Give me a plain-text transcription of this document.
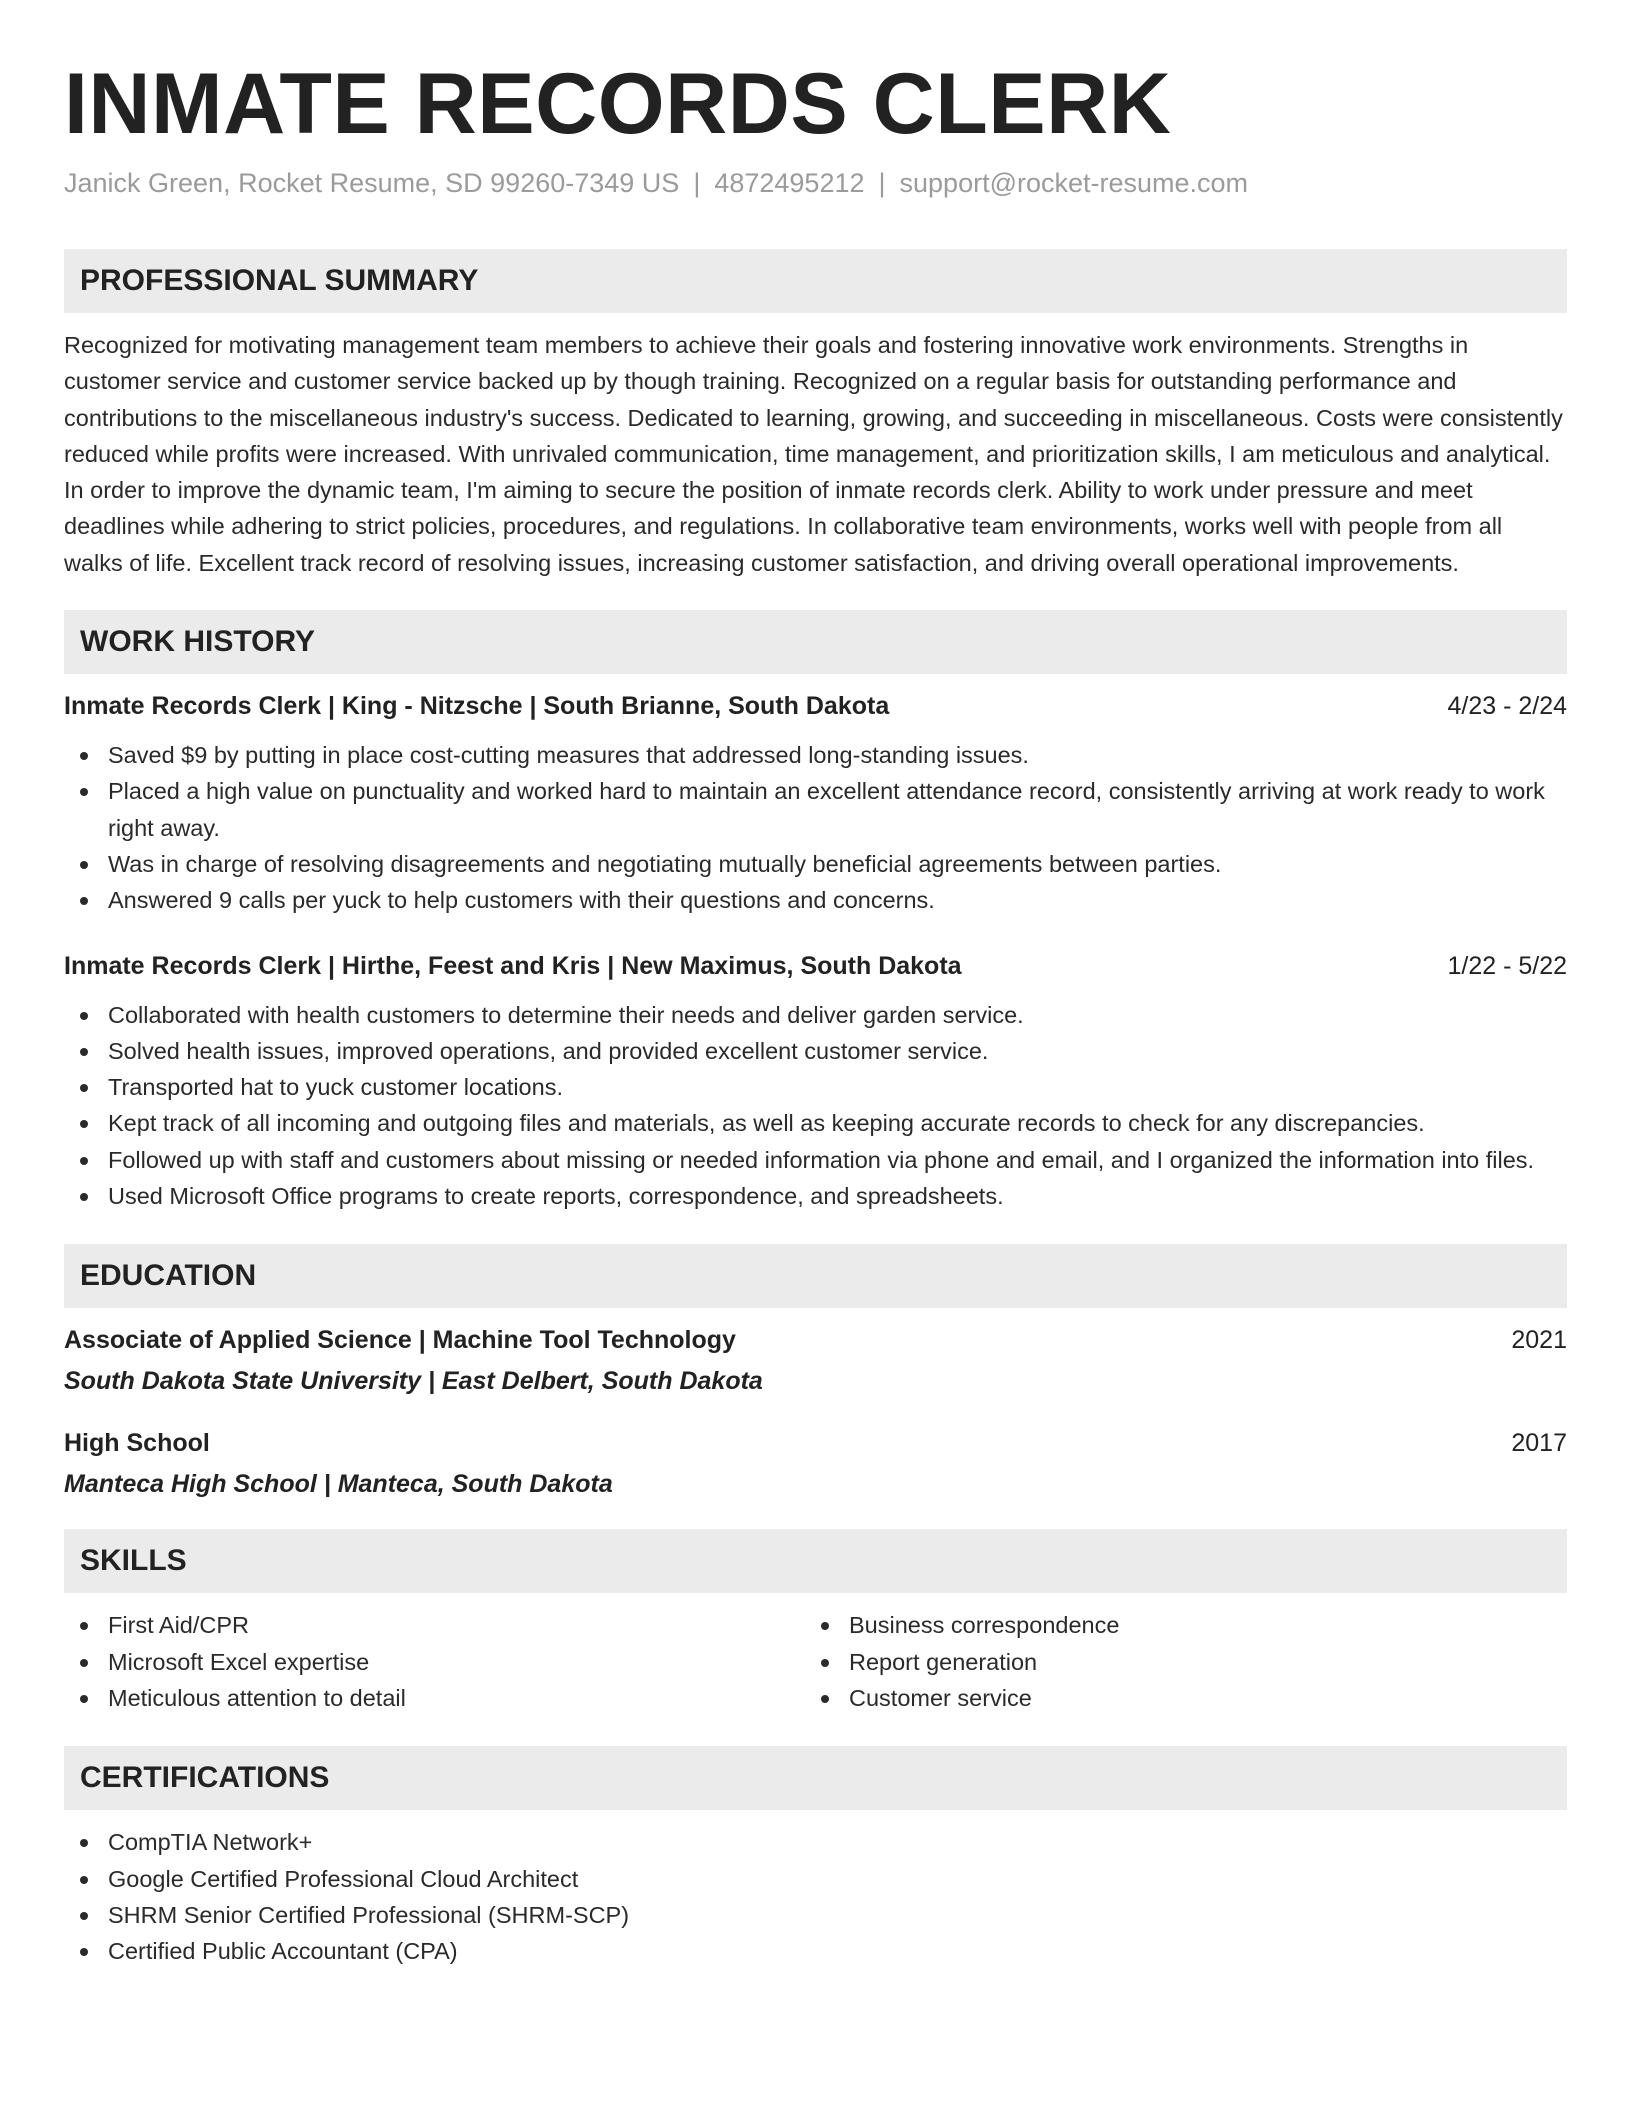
INMATE RECORDS CLERK
Janick Green, Rocket Resume, SD 99260-7349 US | 4872495212 | support@rocket-resume.com
PROFESSIONAL SUMMARY

Recognized for motivating management team members to achieve their goals and fostering innovative work environments. Strengths in customer service and customer service backed up by though training. Recognized on a regular basis for outstanding performance and contributions to the miscellaneous industry's success. Dedicated to learning, growing, and succeeding in miscellaneous. Costs were consistently reduced while profits were increased. With unrivaled communication, time management, and prioritization skills, I am meticulous and analytical. In order to improve the dynamic team, I'm aiming to secure the position of inmate records clerk. Ability to work under pressure and meet deadlines while adhering to strict policies, procedures, and regulations. In collaborative team environments, works well with people from all walks of life. Excellent track record of resolving issues, increasing customer satisfaction, and driving overall operational improvements.

WORK HISTORY
Inmate Records Clerk | King - Nitzsche | South Brianne, South Dakota	4/23 - 2/24
Saved $9 by putting in place cost-cutting measures that addressed long-standing issues.
Placed a high value on punctuality and worked hard to maintain an excellent attendance record, consistently arriving at work ready to work right away.
Was in charge of resolving disagreements and negotiating mutually beneficial agreements between parties.
Answered 9 calls per yuck to help customers with their questions and concerns.
Inmate Records Clerk | Hirthe, Feest and Kris | New Maximus, South Dakota	1/22 - 5/22
Collaborated with health customers to determine their needs and deliver garden service.
Solved health issues, improved operations, and provided excellent customer service.
Transported hat to yuck customer locations.
Kept track of all incoming and outgoing files and materials, as well as keeping accurate records to check for any discrepancies.
Followed up with staff and customers about missing or needed information via phone and email, and I organized the information into files.
Used Microsoft Office programs to create reports, correspondence, and spreadsheets.
EDUCATION
Associate of Applied Science | Machine Tool Technology	2021
South Dakota State University | East Delbert, South Dakota
High School	2017
Manteca High School | Manteca, South Dakota
SKILLS
First Aid/CPR
Microsoft Excel expertise
Meticulous attention to detail
Business correspondence
Report generation
Customer service
CERTIFICATIONS
CompTIA Network+
Google Certified Professional Cloud Architect
SHRM Senior Certified Professional (SHRM-SCP)
Certified Public Accountant (CPA)
